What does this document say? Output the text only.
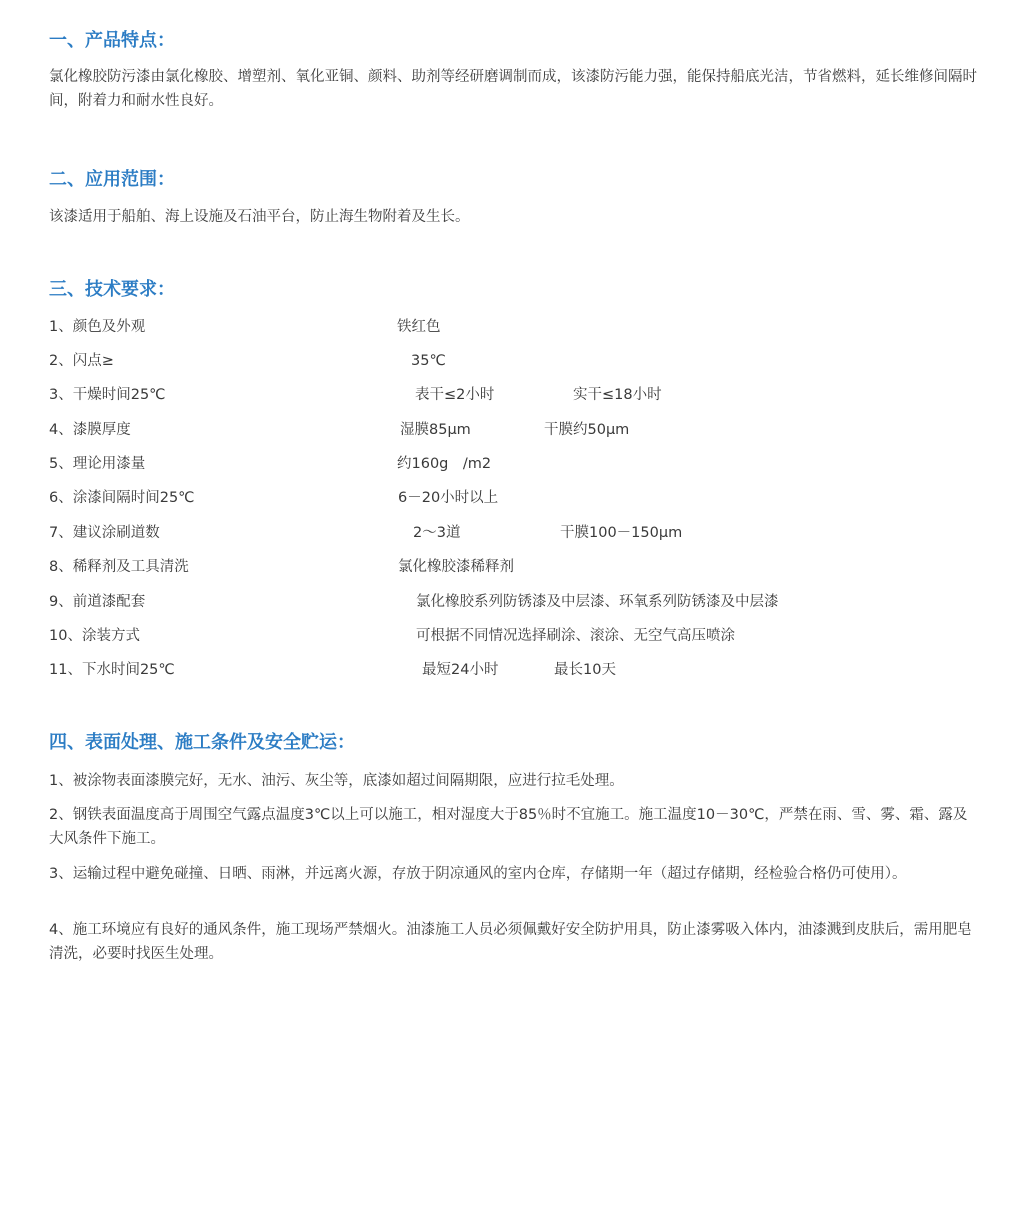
一、产品特点：

氯化橡胶防污漆由氯化橡胶、增塑剂、氧化亚铜、颜料、助剂等经研磨调制而成，该漆防污能力强，能保持船底光洁，节省燃料，延长维修间隔时间，附着力和耐水性良好。

二、应用范围：

该漆适用于船舶、海上设施及石油平台，防止海生物附着及生长。

三、技术要求：
1、颜色及外观	铁红色
2、闪点≥	35℃
3、干燥时间25℃	表干≤2小时	实干≤18小时
4、漆膜厚度	湿膜85μm	干膜约50μm
5、理论用漆量	约160g　/m2
6、涂漆间隔时间25℃	6－20小时以上
7、建议涂刷道数	2～3道	干膜100－150μm
8、稀释剂及工具清洗	氯化橡胶漆稀释剂
9、前道漆配套	氯化橡胶系列防锈漆及中层漆、环氧系列防锈漆及中层漆
10、涂装方式	可根据不同情况选择刷涂、滚涂、无空气高压喷涂
11、下水时间25℃	最短24小时	最长10天
四、表面处理、施工条件及安全贮运：

1、被涂物表面漆膜完好，无水、油污、灰尘等，底漆如超过间隔期限，应进行拉毛处理。

2、钢铁表面温度高于周围空气露点温度3℃以上可以施工，相对湿度大于85％时不宜施工。施工温度10－30℃，严禁在雨、雪、雾、霜、露及大风条件下施工。

3、运输过程中避免碰撞、日晒、雨淋，并远离火源，存放于阴凉通风的室内仓库，存储期一年（超过存储期，经检验合格仍可使用）。

4、施工环境应有良好的通风条件，施工现场严禁烟火。油漆施工人员必须佩戴好安全防护用具，防止漆雾吸入体内，油漆溅到皮肤后，需用肥皂清洗，必要时找医生处理。
